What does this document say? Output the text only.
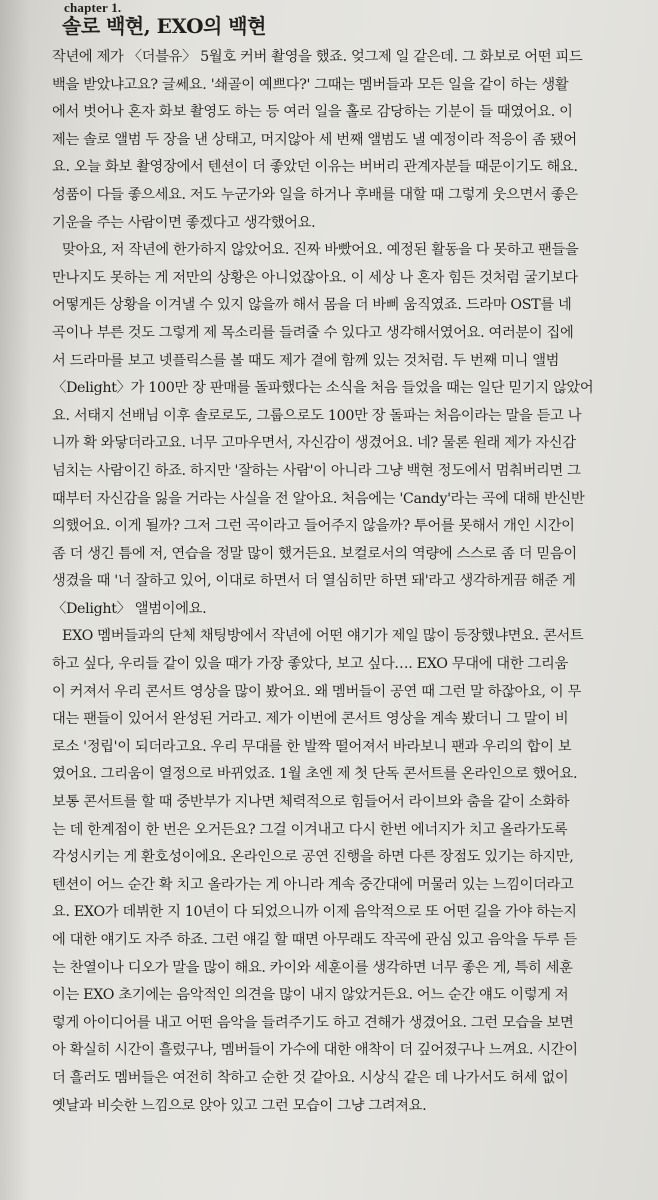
chapter 1.
솔로 백현, EXO의 백현
작년에 제가 〈더블유〉 5월호 커버 촬영을 했죠. 엊그제 일 같은데. 그 화보로 어떤 피드
백을 받았냐고요? 글쎄요. '쇄골이 예쁘다?' 그때는 멤버들과 모든 일을 같이 하는 생활
에서 벗어나 혼자 화보 촬영도 하는 등 여러 일을 홀로 감당하는 기분이 들 때였어요. 이
제는 솔로 앨범 두 장을 낸 상태고, 머지않아 세 번째 앨범도 낼 예정이라 적응이 좀 됐어
요. 오늘 화보 촬영장에서 텐션이 더 좋았던 이유는 버버리 관계자분들 때문이기도 해요.
성품이 다들 좋으세요. 저도 누군가와 일을 하거나 후배를 대할 때 그렇게 웃으면서 좋은
기운을 주는 사람이면 좋겠다고 생각했어요.
맞아요, 저 작년에 한가하지 않았어요. 진짜 바빴어요. 예정된 활동을 다 못하고 팬들을
만나지도 못하는 게 저만의 상황은 아니었잖아요. 이 세상 나 혼자 힘든 것처럼 굴기보다
어떻게든 상황을 이겨낼 수 있지 않을까 해서 몸을 더 바삐 움직였죠. 드라마 OST를 네
곡이나 부른 것도 그렇게 제 목소리를 들려줄 수 있다고 생각해서였어요. 여러분이 집에
서 드라마를 보고 넷플릭스를 볼 때도 제가 곁에 함께 있는 것처럼. 두 번째 미니 앨범
〈Delight〉가 100만 장 판매를 돌파했다는 소식을 처음 들었을 때는 일단 믿기지 않았어
요. 서태지 선배님 이후 솔로로도, 그룹으로도 100만 장 돌파는 처음이라는 말을 듣고 나
니까 확 와닿더라고요. 너무 고마우면서, 자신감이 생겼어요. 네? 물론 원래 제가 자신감
넘치는 사람이긴 하죠. 하지만 '잘하는 사람'이 아니라 그냥 백현 정도에서 멈춰버리면 그
때부터 자신감을 잃을 거라는 사실을 전 알아요. 처음에는 'Candy'라는 곡에 대해 반신반
의했어요. 이게 될까? 그저 그런 곡이라고 들어주지 않을까? 투어를 못해서 개인 시간이
좀 더 생긴 틈에 저, 연습을 정말 많이 했거든요. 보컬로서의 역량에 스스로 좀 더 믿음이
생겼을 때 '너 잘하고 있어, 이대로 하면서 더 열심히만 하면 돼'라고 생각하게끔 해준 게
〈Delight〉 앨범이에요.
EXO 멤버들과의 단체 채팅방에서 작년에 어떤 얘기가 제일 많이 등장했냐면요. 콘서트
하고 싶다, 우리들 같이 있을 때가 가장 좋았다, 보고 싶다…. EXO 무대에 대한 그리움
이 커져서 우리 콘서트 영상을 많이 봤어요. 왜 멤버들이 공연 때 그런 말 하잖아요, 이 무
대는 팬들이 있어서 완성된 거라고. 제가 이번에 콘서트 영상을 계속 봤더니 그 말이 비
로소 '정립'이 되더라고요. 우리 무대를 한 발짝 떨어져서 바라보니 팬과 우리의 합이 보
였어요. 그리움이 열정으로 바뀌었죠. 1월 초엔 제 첫 단독 콘서트를 온라인으로 했어요.
보통 콘서트를 할 때 중반부가 지나면 체력적으로 힘들어서 라이브와 춤을 같이 소화하
는 데 한계점이 한 번은 오거든요? 그걸 이겨내고 다시 한번 에너지가 치고 올라가도록
각성시키는 게 환호성이에요. 온라인으로 공연 진행을 하면 다른 장점도 있기는 하지만,
텐션이 어느 순간 확 치고 올라가는 게 아니라 계속 중간대에 머물러 있는 느낌이더라고
요. EXO가 데뷔한 지 10년이 다 되었으니까 이제 음악적으로 또 어떤 길을 가야 하는지
에 대한 얘기도 자주 하죠. 그런 얘길 할 때면 아무래도 작곡에 관심 있고 음악을 두루 듣
는 찬열이나 디오가 말을 많이 해요. 카이와 세훈이를 생각하면 너무 좋은 게, 특히 세훈
이는 EXO 초기에는 음악적인 의견을 많이 내지 않았거든요. 어느 순간 얘도 이렇게 저
렇게 아이디어를 내고 어떤 음악을 들려주기도 하고 견해가 생겼어요. 그런 모습을 보면
아 확실히 시간이 흘렀구나, 멤버들이 가수에 대한 애착이 더 깊어졌구나 느껴요. 시간이
더 흘러도 멤버들은 여전히 착하고 순한 것 같아요. 시상식 같은 데 나가서도 허세 없이
옛날과 비슷한 느낌으로 앉아 있고 그런 모습이 그냥 그려져요.
